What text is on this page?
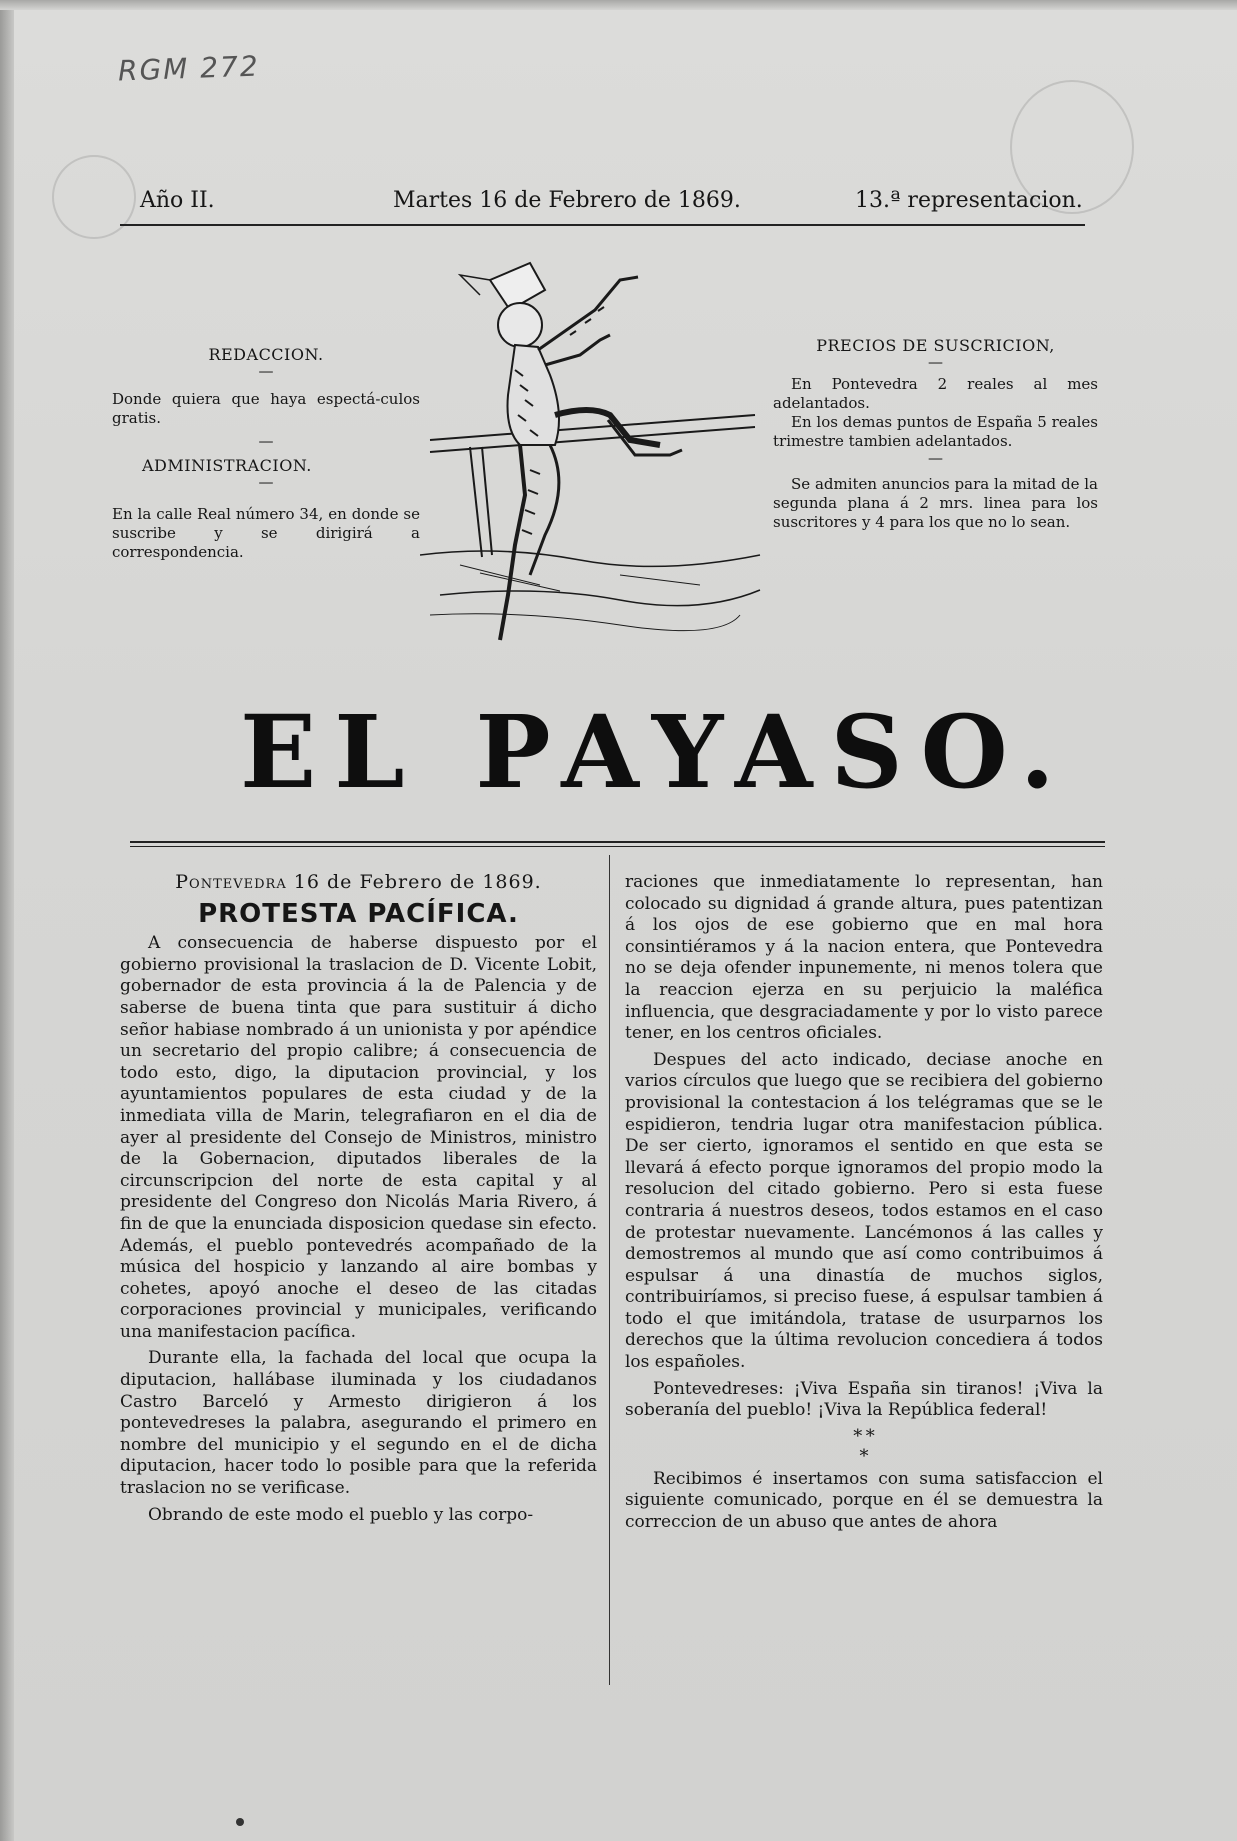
RGM 272
Año II.	Martes 16 de Febrero de 1869.	13.ª representacion.
REDACCION.
—

Donde quiera que haya espectá-culos gratis.

—
ADMINISTRACION.
—

En la calle Real número 34, en donde se suscribe y se dirigirá a correspondencia.

PRECIOS DE SUSCRICION,
—

En Pontevedra 2 reales al mes adelantados.

En los demas puntos de España 5 reales trimestre tambien adelantados.

—

Se admiten anuncios para la mitad de la segunda plana á 2 mrs. linea para los suscritores y 4 para los que no lo sean.

EL PAYASO.
Pontevedra 16 de Febrero de 1869.
PROTESTA PACÍFICA.

A consecuencia de haberse dispuesto por el gobierno provisional la traslacion de D. Vicente Lobit, gobernador de esta provincia á la de Palencia y de saberse de buena tinta que para sustituir á dicho señor habiase nombrado á un unionista y por apéndice un secretario del propio calibre; á consecuencia de todo esto, digo, la diputacion provincial, y los ayuntamientos populares de esta ciudad y de la inmediata villa de Marin, telegrafiaron en el dia de ayer al presidente del Consejo de Ministros, ministro de la Gobernacion, diputados liberales de la circunscripcion del norte de esta capital y al presidente del Congreso don Nicolás Maria Rivero, á fin de que la enunciada disposicion quedase sin efecto. Además, el pueblo pontevedrés acompañado de la música del hospicio y lanzando al aire bombas y cohetes, apoyó anoche el deseo de las citadas corporaciones provincial y municipales, verificando una manifestacion pacífica.

Durante ella, la fachada del local que ocupa la diputacion, hallábase iluminada y los ciudadanos Castro Barceló y Armesto dirigieron á los pontevedreses la palabra, asegurando el primero en nombre del municipio y el segundo en el de dicha diputacion, hacer todo lo posible para que la referida traslacion no se verificase.

Obrando de este modo el pueblo y las corpo-

raciones que inmediatamente lo representan, han colocado su dignidad á grande altura, pues patentizan á los ojos de ese gobierno que en mal hora consintiéramos y á la nacion entera, que Pontevedra no se deja ofender inpunemente, ni menos tolera que la reaccion ejerza en su perjuicio la maléfica influencia, que desgraciadamente y por lo visto parece tener, en los centros oficiales.

Despues del acto indicado, deciase anoche en varios círculos que luego que se recibiera del gobierno provisional la contestacion á los telégramas que se le espidieron, tendria lugar otra manifestacion pública. De ser cierto, ignoramos el sentido en que esta se llevará á efecto porque ignoramos del propio modo la resolucion del citado gobierno. Pero si esta fuese contraria á nuestros deseos, todos estamos en el caso de protestar nuevamente. Lancémonos á las calles y demostremos al mundo que así como contribuimos á espulsar á una dinastía de muchos siglos, contribuiríamos, si preciso fuese, á espulsar tambien á todo el que imitándola, tratase de usurparnos los derechos que la última revolucion concediera á todos los españoles.

Pontevedreses: ¡Viva España sin tiranos! ¡Viva la soberanía del pueblo! ¡Viva la República federal!

* *
*

Recibimos é insertamos con suma satisfaccion el siguiente comunicado, porque en él se demuestra la correccion de un abuso que antes de ahora
